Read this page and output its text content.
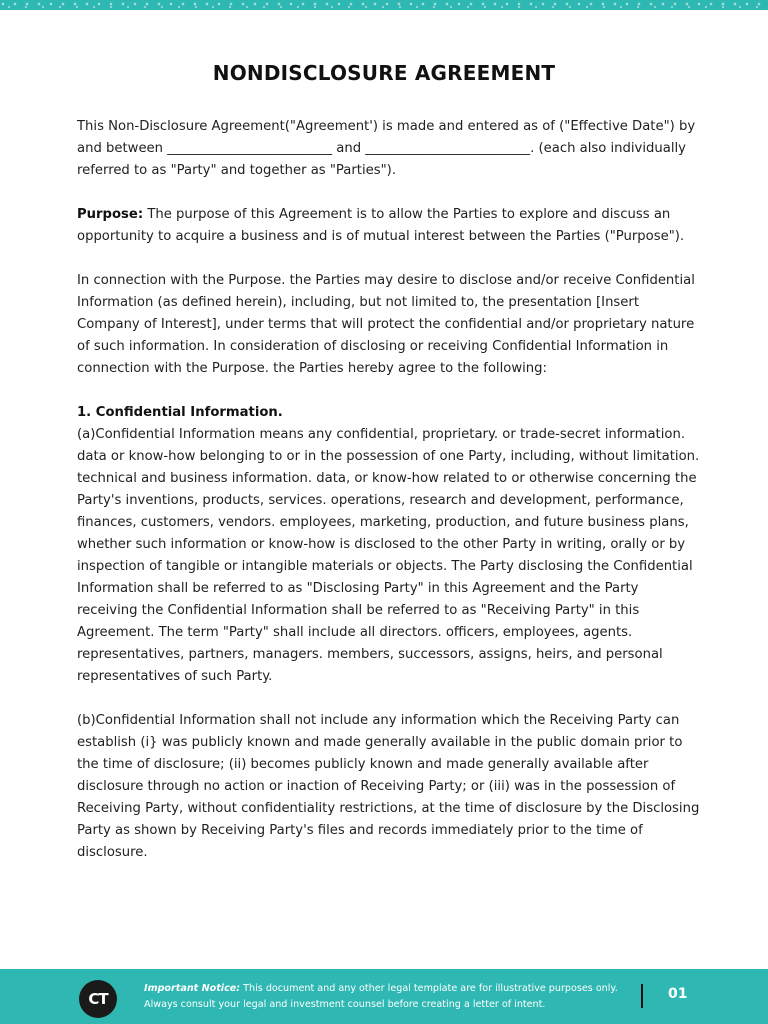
NONDISCLOSURE AGREEMENT

This Non-Disclosure Agreement("Agreement') is made and entered as of ("Effective Date") by and between _________________________ and _________________________. (each also individually referred to as "Party" and together as "Parties").

Purpose: The purpose of this Agreement is to allow the Parties to explore and discuss an opportunity to acquire a business and is of mutual interest between the Parties ("Purpose").

In connection with the Purpose. the Parties may desire to disclose and/or receive Confidential Information (as defined herein), including, but not limited to, the presentation [Insert Company of Interest], under terms that will protect the confidential and/or proprietary nature of such information. In consideration of disclosing or receiving Confidential Information in connection with the Purpose. the Parties hereby agree to the following:

1. Confidential Information.

(a)Confidential Information means any confidential, proprietary. or trade-secret information. data or know-how belonging to or in the possession of one Party, including, without limitation. technical and business information. data, or know-how related to or otherwise concerning the Party's inventions, products, services. operations, research and development, performance, finances, customers, vendors. employees, marketing, production, and future business plans, whether such information or know-how is disclosed to the other Party in writing, orally or by inspection of tangible or intangible materials or objects. The Party disclosing the Confidential Information shall be referred to as "Disclosing Party" in this Agreement and the Party receiving the Confidential Information shall be referred to as "Receiving Party" in this Agreement. The term "Party" shall include all directors. officers, employees, agents. representatives, partners, managers. members, successors, assigns, heirs, and personal representatives of such Party.

(b)Confidential Information shall not include any information which the Receiving Party can establish (i} was publicly known and made generally available in the public domain prior to the time of disclosure; (ii) becomes publicly known and made generally available after disclosure through no action or inaction of Receiving Party; or (iii) was in the possession of Receiving Party, without confidentiality restrictions, at the time of disclosure by the Disclosing Party as shown by Receiving Party's files and records immediately prior to the time of disclosure.

CT
Important Notice: This document and any other legal template are for illustrative purposes only. Always consult your legal and investment counsel before creating a letter of intent.
01
